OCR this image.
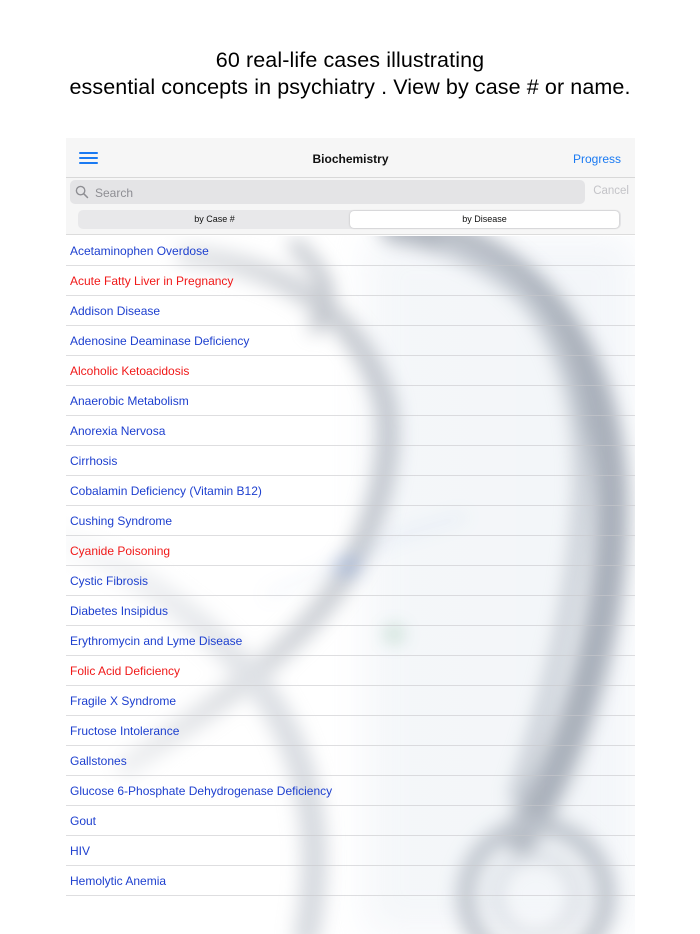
60 real-life cases illustrating
essential concepts in psychiatry . View by case # or name.
Biochemistry	Progress
Search
Cancel
by Case #	by Disease
Acetaminophen Overdose
Acute Fatty Liver in Pregnancy
Addison Disease
Adenosine Deaminase Deficiency
Alcoholic Ketoacidosis
Anaerobic Metabolism
Anorexia Nervosa
Cirrhosis
Cobalamin Deficiency (Vitamin B12)
Cushing Syndrome
Cyanide Poisoning
Cystic Fibrosis
Diabetes Insipidus
Erythromycin and Lyme Disease
Folic Acid Deficiency
Fragile X Syndrome
Fructose Intolerance
Gallstones
Glucose 6-Phosphate Dehydrogenase Deficiency
Gout
HIV
Hemolytic Anemia
